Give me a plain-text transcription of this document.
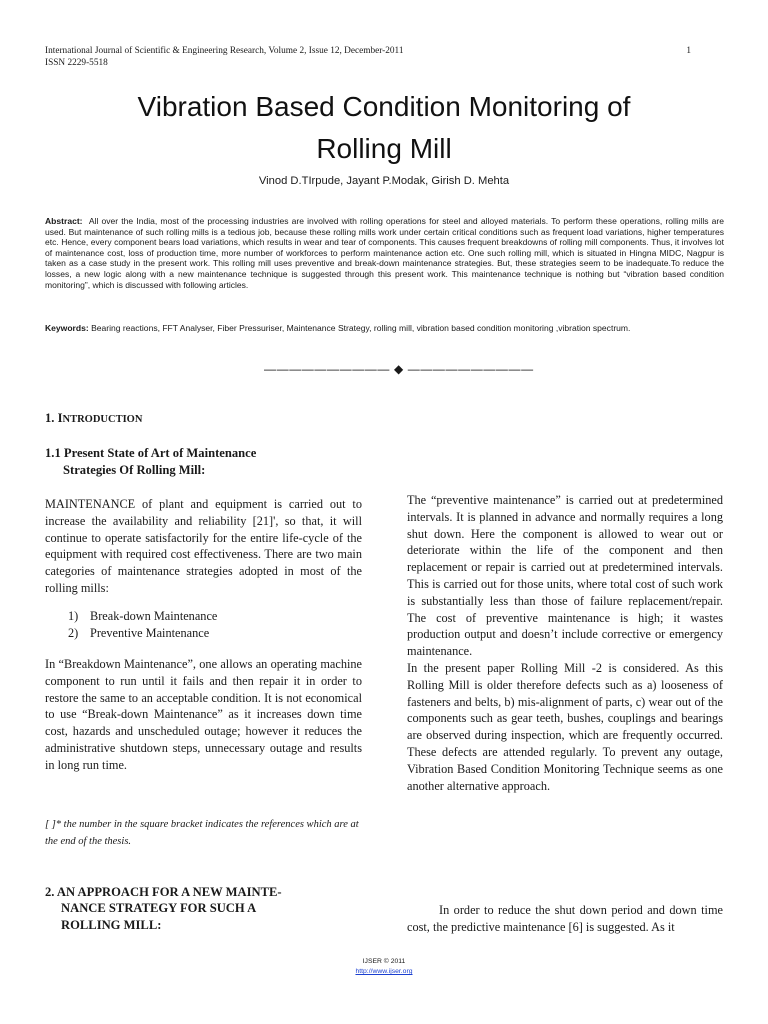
International Journal of Scientific & Engineering Research, Volume 2, Issue 12, December-2011
ISSN 2229-5518
1
Vibration Based Condition Monitoring of
Rolling Mill
Vinod D.TIrpude, Jayant P.Modak, Girish D. Mehta
Abstract: All over the India, most of the processing industries are involved with rolling operations for steel and alloyed materials. To perform these operations, rolling mills are used. But maintenance of such rolling mills is a tedious job, because these rolling mills work under certain critical conditions such as frequent load variations, higher temperatures etc. Hence, every component bears load variations, which results in wear and tear of components. This causes frequent breakdowns of rolling mill components. Thus, it involves lot of maintenance cost, loss of production time, more number of workforces to perform maintenance action etc. One such rolling mill, which is situated in Hingna MIDC, Nagpur is taken as a case study in the present work. This rolling mill uses preventive and break-down maintenance strategies. But, these strategies seem to be inadequate.To reduce the losses, a new logic along with a new maintenance technique is suggested through this present work. This maintenance technique is nothing but “vibration based condition monitoring”, which is discussed with following articles.
Keywords: Bearing reactions, FFT Analyser, Fiber Pressuriser, Maintenance Strategy, rolling mill, vibration based condition monitoring ,vibration spectrum.
—————————— ◆ ——————————
1. INTRODUCTION
1.1 Present State of Art of Maintenance
Strategies Of Rolling Mill:
MAINTENANCE of plant and equipment is carried out to increase the availability and reliability [21]', so that, it will continue to operate satisfactorily for the entire life-cycle of the equipment with required cost effectiveness. There are two main categories of maintenance strategies adopted in most of the rolling mills:
1) Break-down Maintenance
2) Preventive Maintenance
In “Breakdown Maintenance”, one allows an operating machine component to run until it fails and then repair it in order to restore the same to an acceptable condition. It is not economical to use “Break-down Maintenance” as it increases down time cost, hazards and unscheduled outage; however it reduces the administrative shutdown steps, unnecessary outage and results in long run time.
[ ]* the number in the square bracket indicates the references which are at the end of the thesis.
2. AN APPROACH FOR A NEW MAINTE-
NANCE STRATEGY FOR SUCH A
ROLLING MILL:
The “preventive maintenance” is carried out at predetermined intervals. It is planned in advance and normally requires a long shut down. Here the component is allowed to wear out or deteriorate within the life of the component and then replacement or repair is carried out at predetermined intervals. This is carried out for those units, where total cost of such work is substantially less than those of failure replacement/repair. The cost of preventive maintenance is high; it wastes production output and doesn’t include corrective or emergency maintenance.
In the present paper Rolling Mill -2 is considered. As this Rolling Mill is older therefore defects such as a) looseness of fasteners and belts, b) mis-alignment of parts, c) wear out of the components such as gear teeth, bushes, couplings and bearings are observed during inspection, which are frequently occurred. These defects are attended regularly. To prevent any outage, Vibration Based Condition Monitoring Technique seems as one another alternative approach.
In order to reduce the shut down period and down time cost, the predictive maintenance [6] is suggested. As it
IJSER © 2011
http://www.ijser.org
